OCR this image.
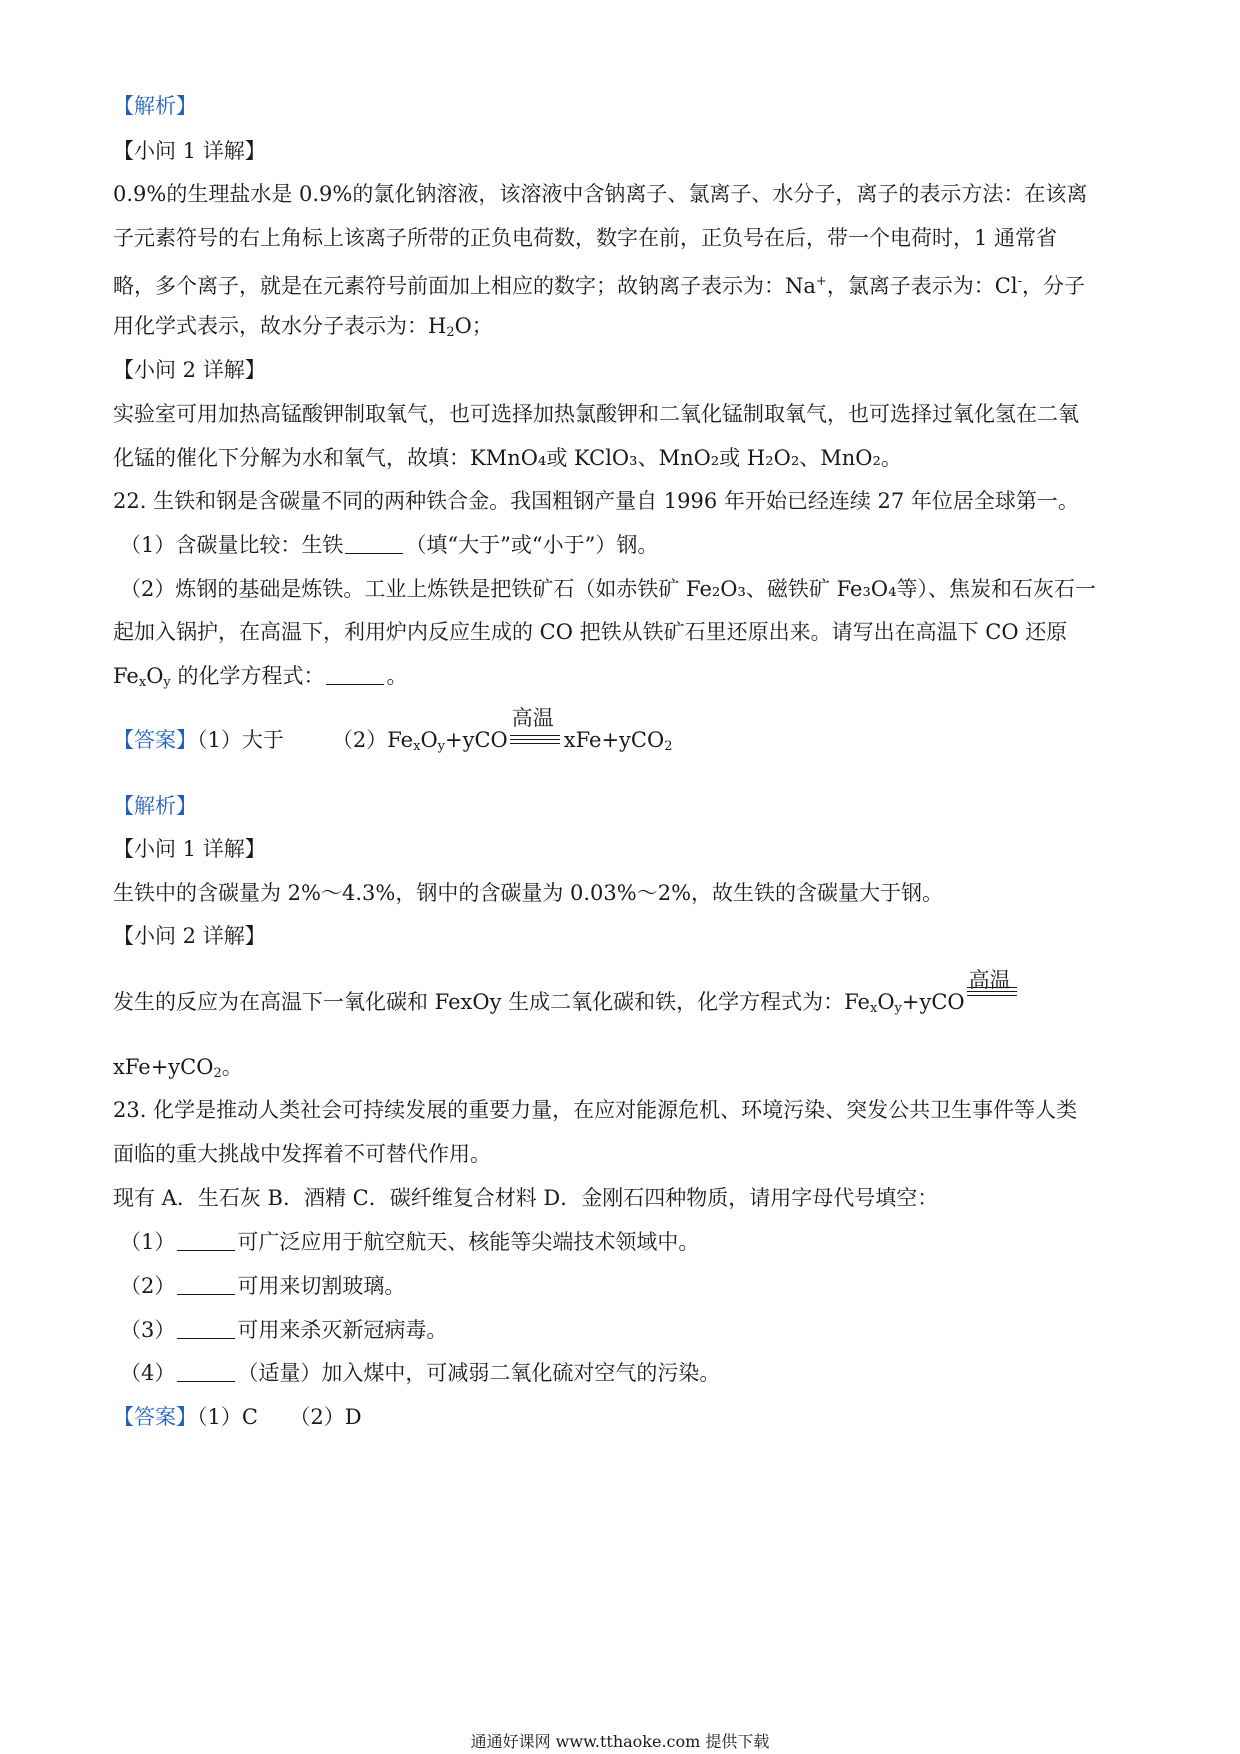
【解析】
【小问 1 详解】
0.9%的生理盐水是 0.9%的氯化钠溶液，该溶液中含钠离子、氯离子、水分子，离子的表示方法：在该离
子元素符号的右上角标上该离子所带的正负电荷数，数字在前，正负号在后，带一个电荷时，1 通常省
略，多个离子，就是在元素符号前面加上相应的数字；故钠离子表示为：Na+，氯离子表示为：Cl-，分子
用化学式表示，故水分子表示为：$H_2O$；
【小问 2 详解】
实验室可用加热高锰酸钾制取氧气，也可选择加热氯酸钾和二氧化锰制取氧气，也可选择过氧化氢在二氧
化锰的催化下分解为水和氧气，故填：KMnO₄或 KClO₃、MnO₂或 H₂O₂、MnO₂。
22. 生铁和钢是含碳量不同的两种铁合金。我国粗钢产量自 1996 年开始已经连续 27 年位居全球第一。
（1）含碳量比较：生铁	（填“大于”或“小于”）钢。
（2）炼钢的基础是炼铁。工业上炼铁是把铁矿石（如赤铁矿 Fe₂O₃、磁铁矿 Fe₃O₄等）、焦炭和石灰石一
起加入锅护，在高温下，利用炉内反应生成的 CO 把铁从铁矿石里还原出来。请写出在高温下 CO 还原
$Fe_xO_y$ 的化学方程式：	。
【答案】（1）大于 $(2)Fe_xO_y+yCO$
高温
xFe+yCO$_2$
【解析】
【小问 1 详解】
生铁中的含碳量为 2%～4.3%，钢中的含碳量为 0.03%～2%，故生铁的含碳量大于钢。
【小问 2 详解】
发生的反应为在高温下一氧化碳和 FexOy 生成二氧化碳和铁，化学方程式为：$Fe_xO_y+yCO$
高温
xFe+yCO$_2$。
23. 化学是推动人类社会可持续发展的重要力量，在应对能源危机、环境污染、突发公共卫生事件等人类
面临的重大挑战中发挥着不可替代作用。
现有 A．生石灰 B．酒精 C．碳纤维复合材料 D．金刚石四种物质，请用字母代号填空：
（1）	可广泛应用于航空航天、核能等尖端技术领域中。
（2）	可用来切割玻璃。
（3）	可用来杀灭新冠病毒。
（4）	（适量）加入煤中，可减弱二氧化硫对空气的污染。
【答案】（1）C　　（2）D
通通好课网 www.tthaoke.com 提供下载
